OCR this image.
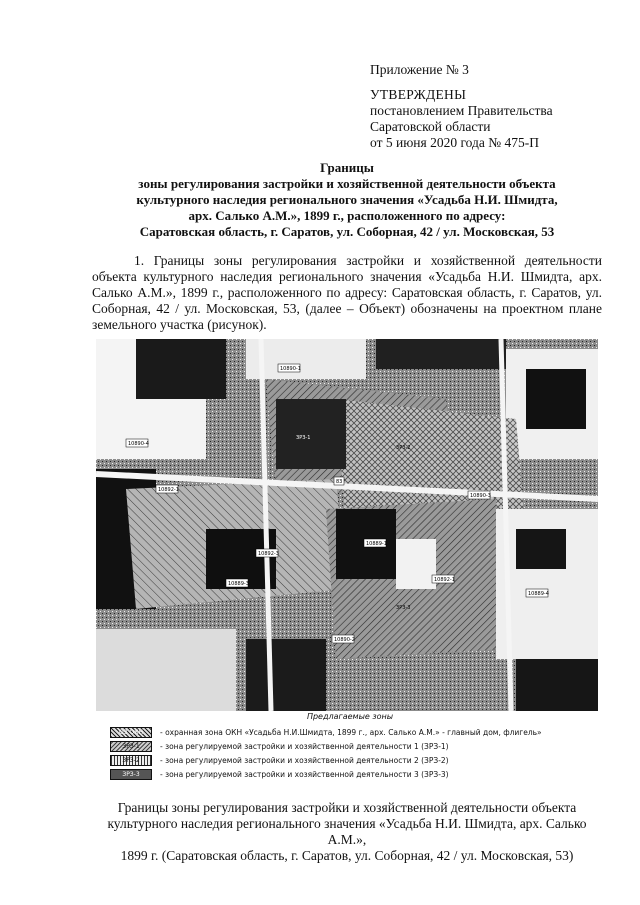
Приложение № 3
УТВЕРЖДЕНЫ
постановлением Правительства
Саратовской области
от 5 июня 2020 года № 475-П
Границы
зоны регулирования застройки и хозяйственной деятельности объекта
культурного наследия регионального значения «Усадьба Н.И. Шмидта,
арх. Салько А.М.», 1899 г., расположенного по адресу:
Саратовская область, г. Саратов, ул. Соборная, 42 / ул. Московская, 53
1. Границы зоны регулирования застройки и хозяйственной деятельности объекта культурного наследия регионального значения «Усадьба Н.И. Шмидта, арх. Салько А.М.», 1899 г., расположенного по адресу: Саратовская область, г. Саратов, ул. Соборная, 42 / ул. Московская, 53, (далее – Объект) обозначены на проектном плане земельного участка (рисунок).
10890-1
10892-1
10890-3
10889-1
10889-3
10892-1
10890-2
10890-4
10892-3
10889-4
83
ЗРЗ-1
ЗРЗ-2
ЗРЗ-3
Предлагаемые зоны
ОЗ ОКН	- охранная зона ОКН «Усадьба Н.И.Шмидта, 1899 г., арх. Салько А.М.» - главный дом, флигель»
ЗРЗ-1	- зона регулируемой застройки и хозяйственной деятельности 1 (ЗРЗ-1)
ЗРЗ-2	- зона регулируемой застройки и хозяйственной деятельности 2 (ЗРЗ-2)
ЗРЗ-3	- зона регулируемой застройки и хозяйственной деятельности 3 (ЗРЗ-3)
Границы зоны регулирования застройки и хозяйственной деятельности объекта
культурного наследия регионального значения «Усадьба Н.И. Шмидта, арх. Салько А.М.»,
1899 г. (Саратовская область, г. Саратов, ул. Соборная, 42 / ул. Московская, 53)
